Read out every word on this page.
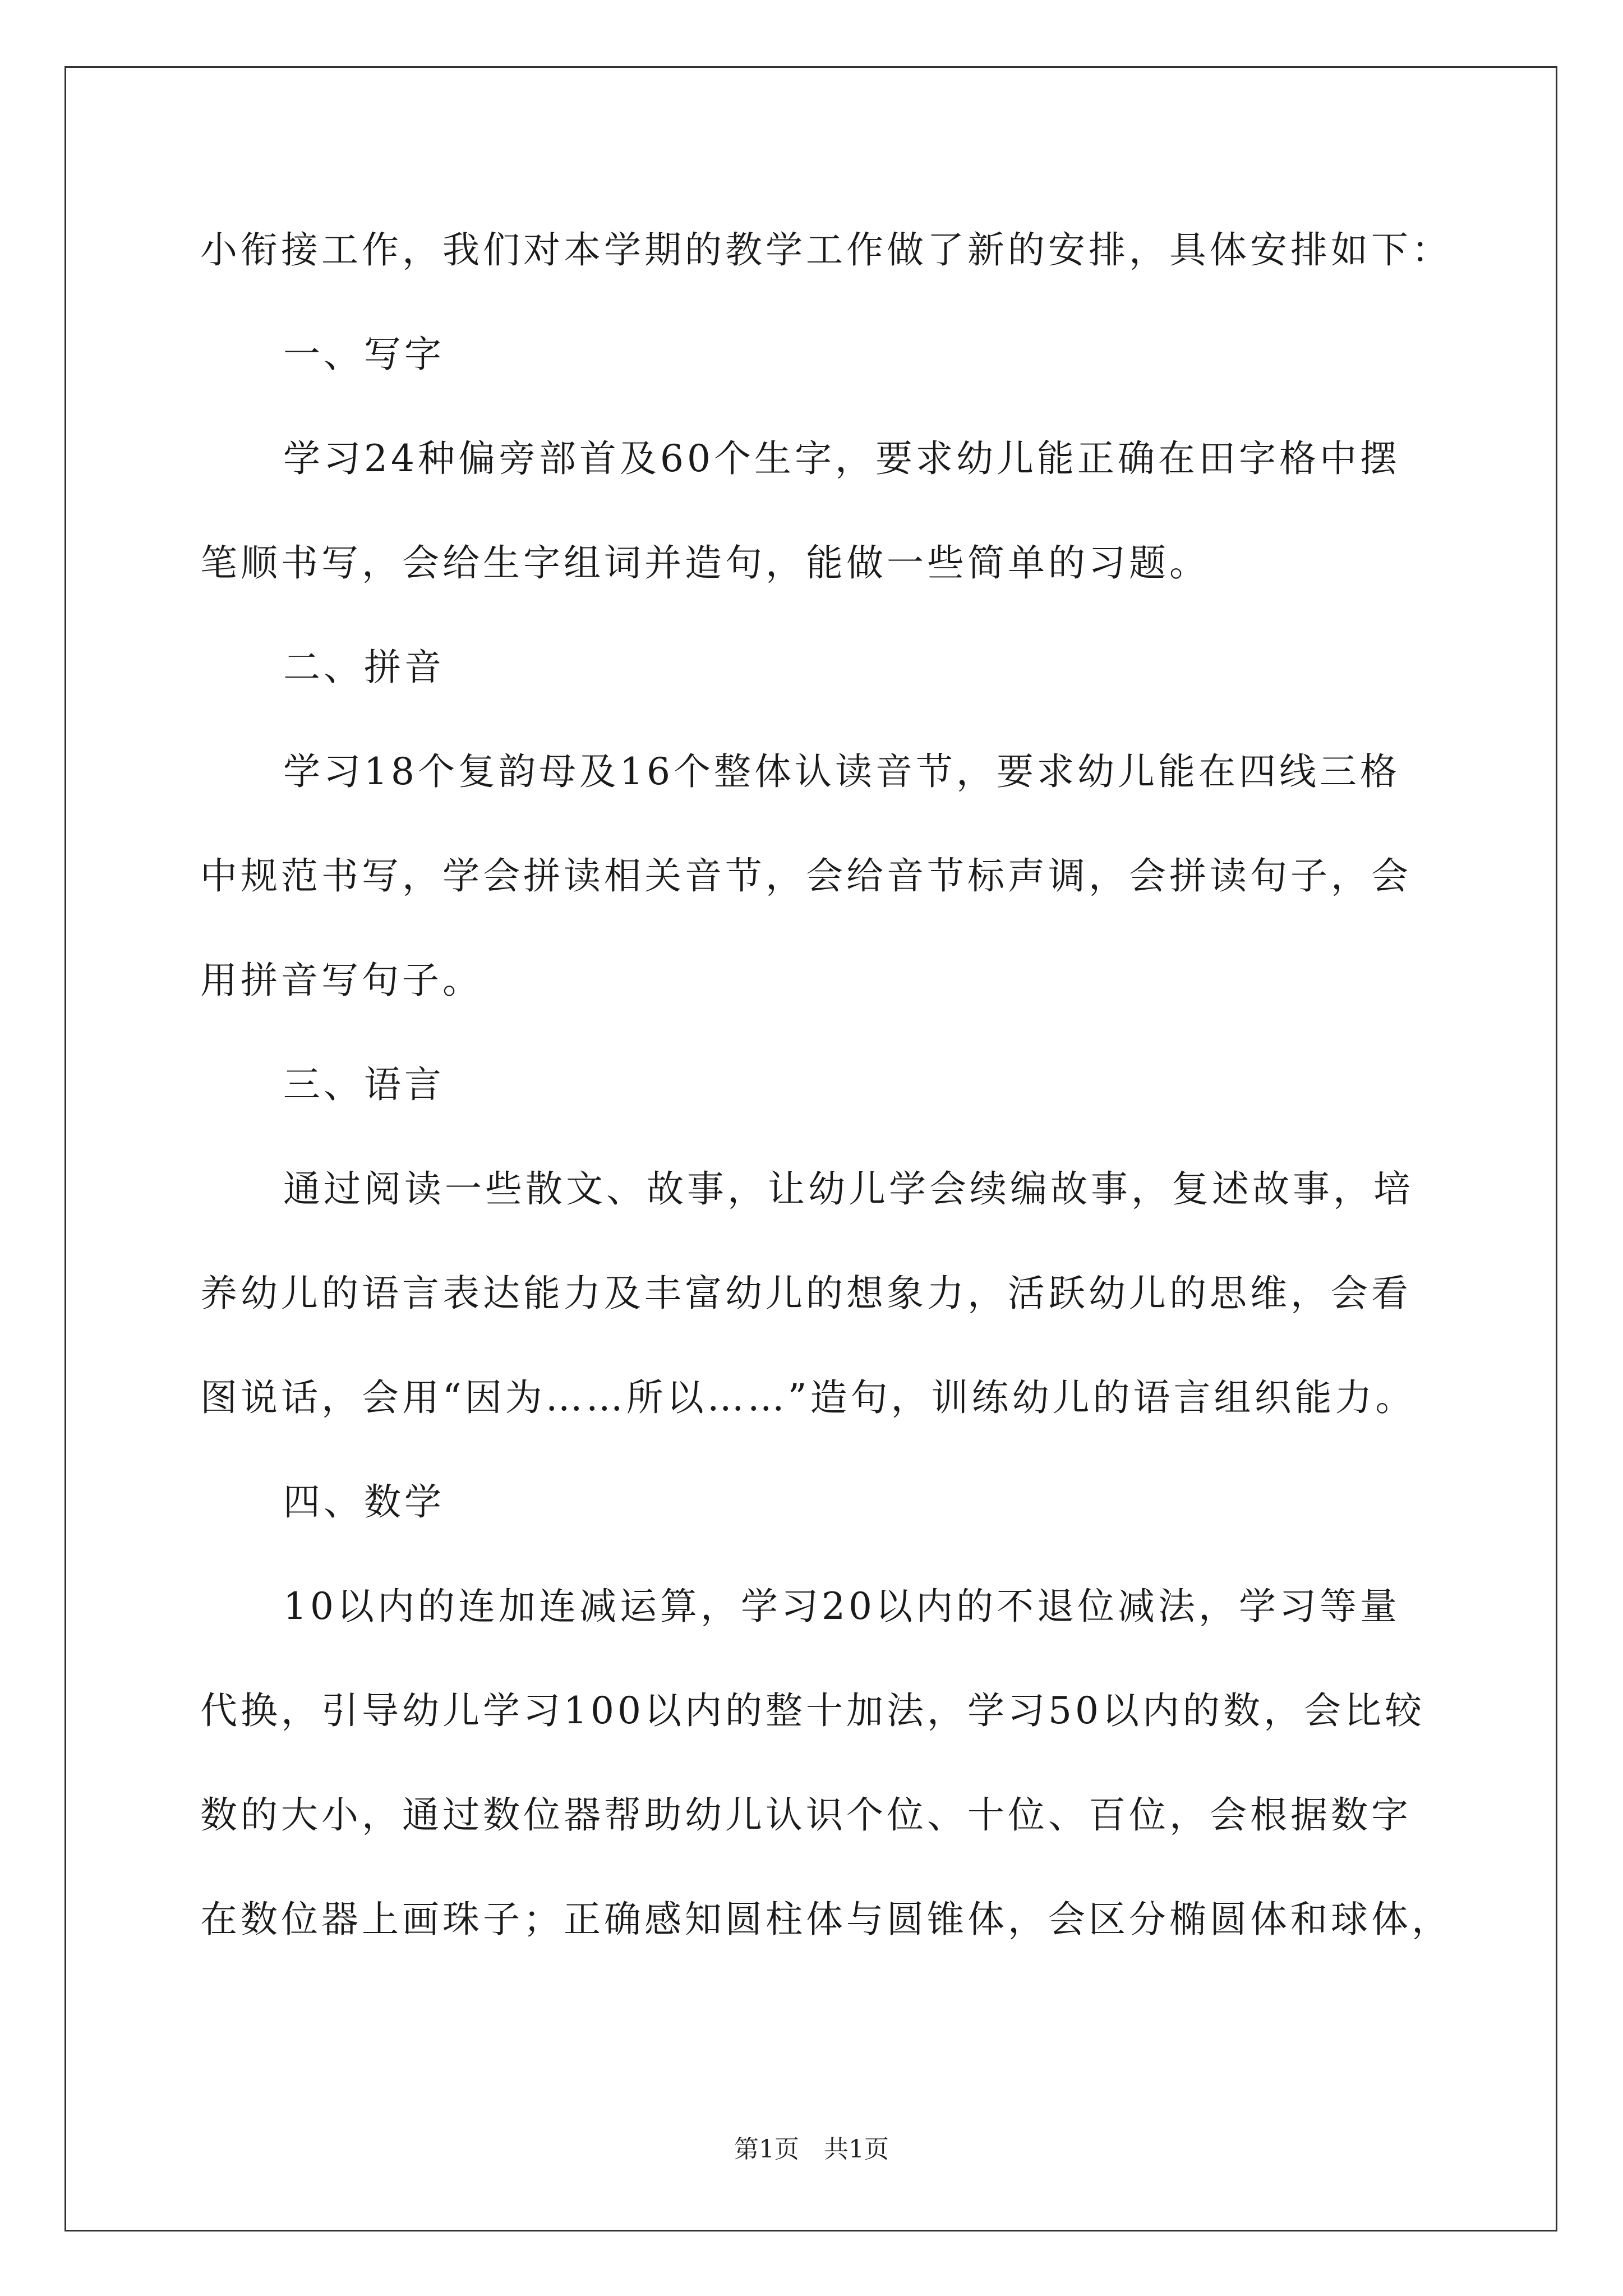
小衔接工作，我们对本学期的教学工作做了新的安排，具体安排如下：
一、写字
学习24种偏旁部首及60个生字，要求幼儿能正确在田字格中摆
笔顺书写，会给生字组词并造句，能做一些简单的习题。
二、拼音
学习18个复韵母及16个整体认读音节，要求幼儿能在四线三格
中规范书写，学会拼读相关音节，会给音节标声调，会拼读句子，会
用拼音写句子。
三、语言
通过阅读一些散文、故事，让幼儿学会续编故事，复述故事，培
养幼儿的语言表达能力及丰富幼儿的想象力，活跃幼儿的思维，会看
图说话，会用“因为……所以……”造句，训练幼儿的语言组织能力。
四、数学
10以内的连加连减运算，学习20以内的不退位减法，学习等量
代换，引导幼儿学习100以内的整十加法，学习50以内的数，会比较
数的大小，通过数位器帮助幼儿认识个位、十位、百位，会根据数字
在数位器上画珠子；正确感知圆柱体与圆锥体，会区分椭圆体和球体，
第1页　共1页
